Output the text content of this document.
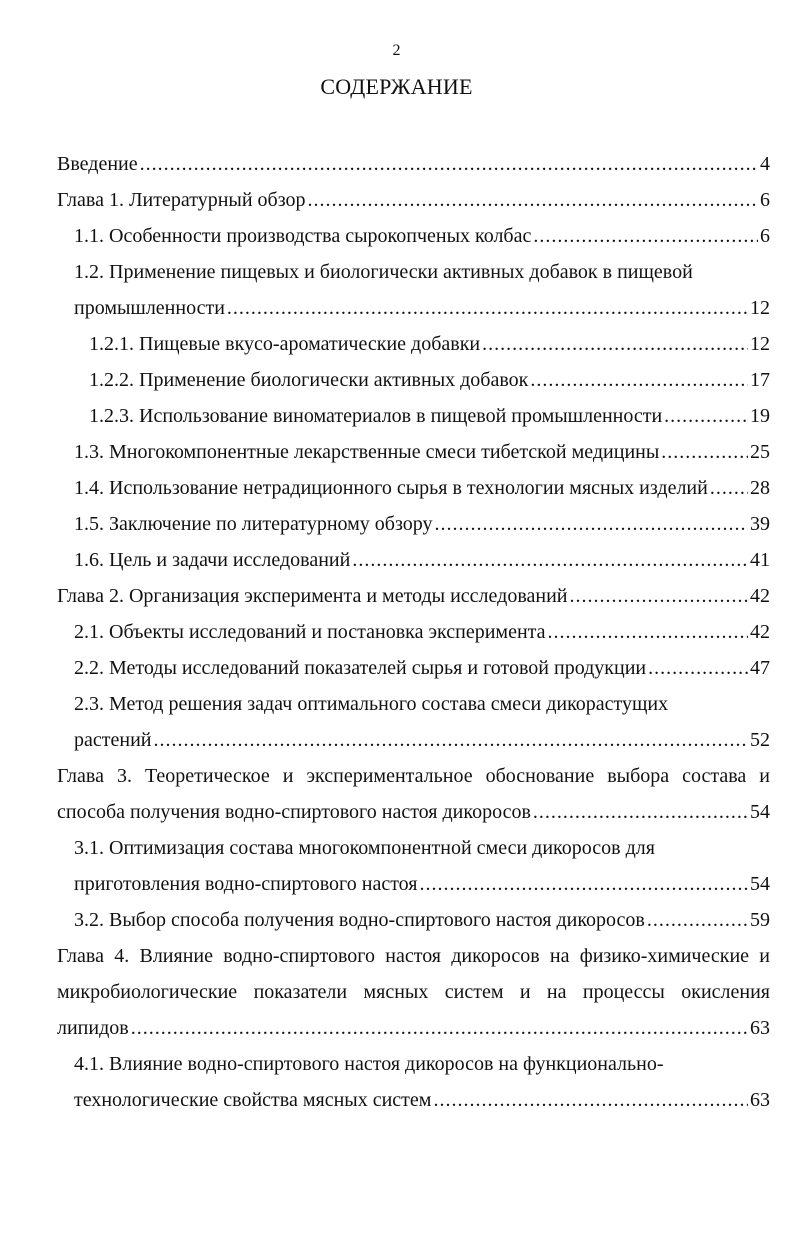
2
СОДЕРЖАНИЕ
Введение .....	4
Глава 1. Литературный обзор .....	6
1.1. Особенности производства сырокопченых колбас .....	6
1.2. Применение пищевых и биологически активных добавок в пищевой
промышленности .....	12
1.2.1. Пищевые вкусо-ароматические добавки .....	12
1.2.2. Применение биологически активных добавок .....	17
1.2.3. Использование виноматериалов в пищевой промышленности .....	19
1.3. Многокомпонентные лекарственные смеси тибетской медицины .....	25
1.4. Использование нетрадиционного сырья в технологии мясных изделий ..... 28
1.5. Заключение по литературному обзору .....	39
1.6. Цель и задачи исследований .....	41
Глава 2. Организация эксперимента и методы исследований .....	42
2.1. Объекты исследований и постановка эксперимента .....	42
2.2. Методы исследований показателей сырья и готовой продукции .....	47
2.3. Метод решения задач оптимального состава смеси дикорастущих
растений .....	52
Глава 3. Теоретическое и экспериментальное обоснование выбора состава и
способа получения водно-спиртового настоя дикоросов .....	54
3.1. Оптимизация состава многокомпонентной смеси дикоросов для
приготовления водно-спиртового настоя .....	54
3.2. Выбор способа получения водно-спиртового настоя дикоросов .....	59
Глава 4. Влияние водно-спиртового настоя дикоросов на физико-химические и
микробиологические показатели мясных систем и на процессы окисления
липидов .....	63
4.1. Влияние водно-спиртового настоя дикоросов на функционально-
технологические свойства мясных систем .....	63
